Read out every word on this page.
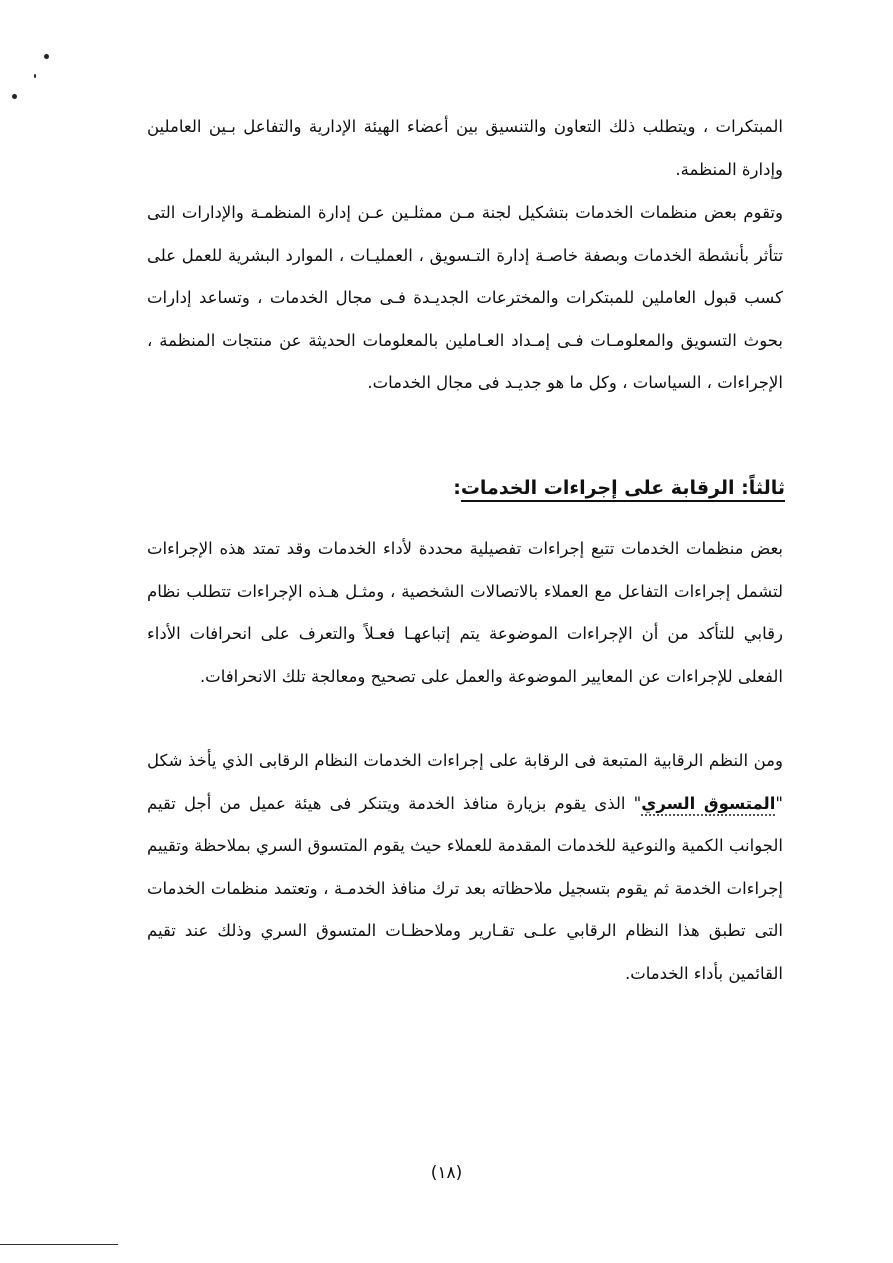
المبتكرات ، ويتطلب ذلك التعاون والتنسيق بين أعضاء الهيئة الإدارية والتفاعل بـين العاملين وإدارة المنظمة.

وتقوم بعض منظمات الخدمات بتشكيل لجنة مـن ممثلـين عـن إدارة المنظمـة والإدارات التى تتأثر بأنشطة الخدمات وبصفة خاصـة إدارة التـسويق ، العمليـات ، الموارد البشرية للعمل على كسب قبول العاملين للمبتكرات والمخترعات الجديـدة فـى مجال الخدمات ، وتساعد إدارات بحوث التسويق والمعلومـات فـى إمـداد العـاملين بالمعلومات الحديثة عن منتجات المنظمة ، الإجراءات ، السياسات ، وكل ما هو جديـد فى مجال الخدمات.

ثالثاً: الرقابة على إجراءات الخدمات:

بعض منظمات الخدمات تتبع إجراءات تفصيلية محددة لأداء الخدمات وقد تمتد هذه الإجراءات لتشمل إجراءات التفاعل مع العملاء بالاتصالات الشخصية ، ومثـل هـذه الإجراءات تتطلب نظام رقابي للتأكد من أن الإجراءات الموضوعة يتم إتباعهـا فعـلاً والتعرف على انحرافات الأداء الفعلى للإجراءات عن المعايير الموضوعة والعمل على تصحيح ومعالجة تلك الانحرافات.

ومن النظم الرقابية المتبعة فى الرقابة على إجراءات الخدمات النظام الرقابى الذي يأخذ شكل "المتسوق السري" الذى يقوم بزيارة منافذ الخدمة ويتنكر فى هيئة عميل من أجل تقيم الجوانب الكمية والنوعية للخدمات المقدمة للعملاء حيث يقوم المتسوق السري بملاحظة وتقييم إجراءات الخدمة ثم يقوم بتسجيل ملاحظاته بعد ترك منافذ الخدمـة ، وتعتمد منظمات الخدمات التى تطبق هذا النظام الرقابي علـى تقـارير وملاحظـات المتسوق السري وذلك عند تقيم القائمين بأداء الخدمات.

(١٨)
